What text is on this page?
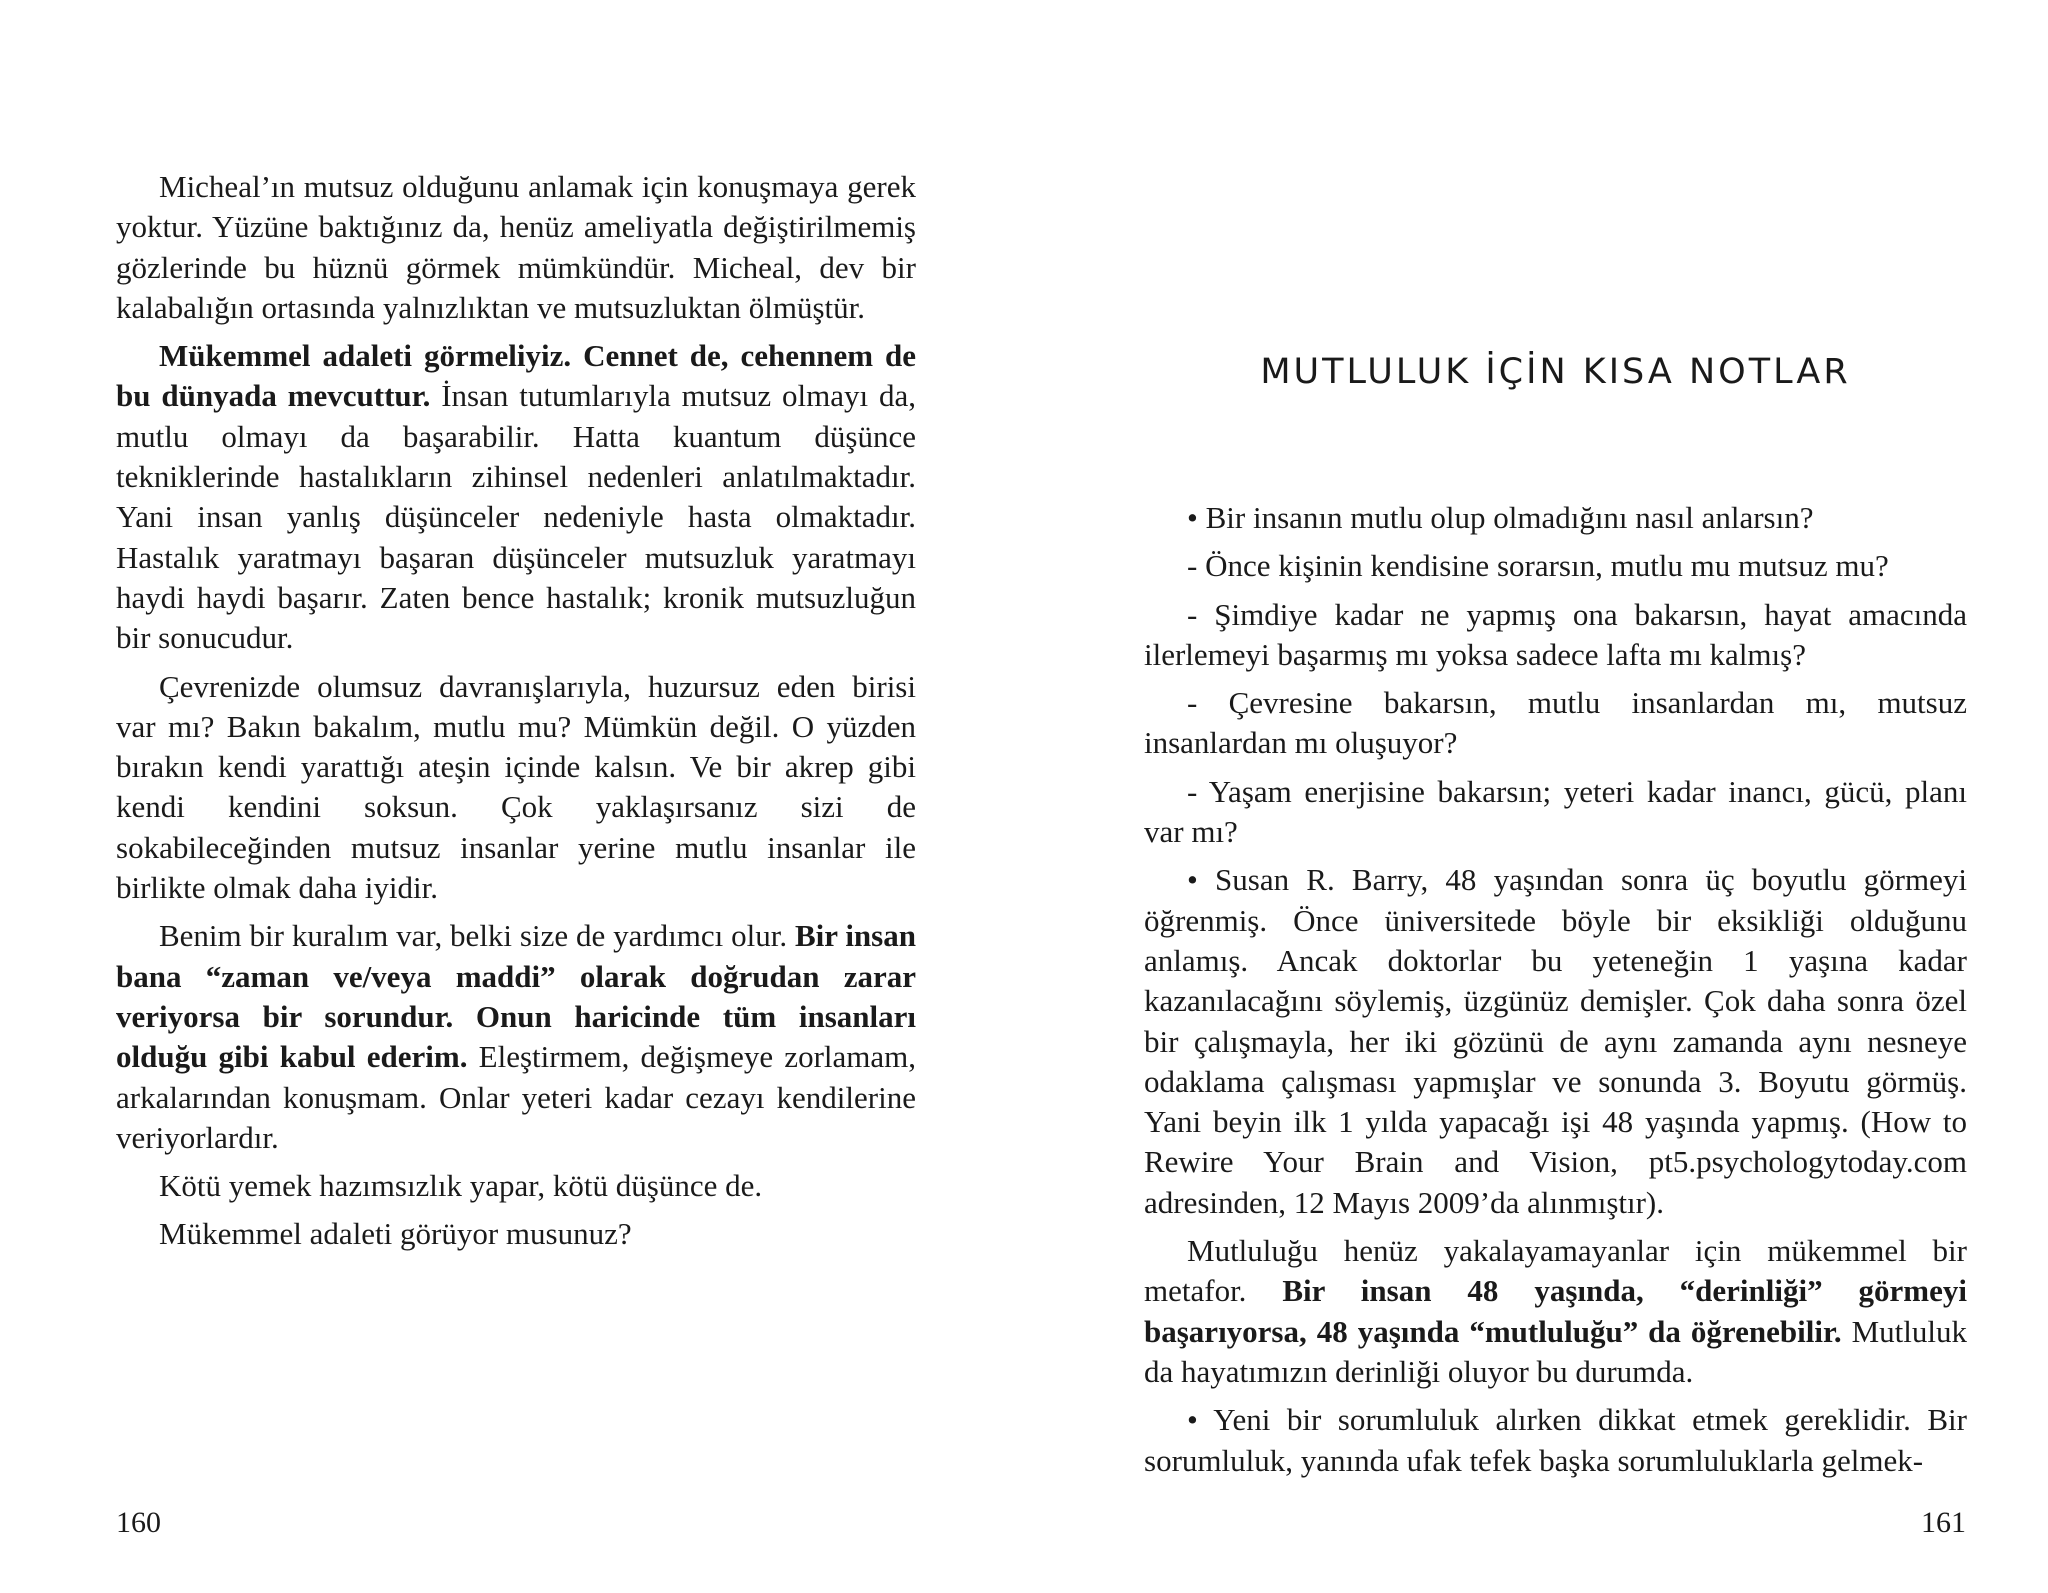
Micheal’ın mutsuz olduğunu anlamak için konuşmaya gerek yoktur. Yüzüne baktığınız da, henüz ameliyatla değiştirilmemiş gözlerinde bu hüznü görmek mümkündür. Micheal, dev bir kalabalığın ortasında yalnızlıktan ve mutsuzluktan ölmüştür.

Mükemmel adaleti görmeliyiz. Cennet de, cehennem de bu dünyada mevcuttur. İnsan tutumlarıyla mutsuz olmayı da, mutlu olmayı da başarabilir. Hatta kuantum düşünce tekniklerinde hastalıkların zihinsel nedenleri anlatılmaktadır. Yani insan yanlış düşünceler nedeniyle hasta olmaktadır. Hastalık yaratmayı başaran düşünceler mutsuzluk yaratmayı haydi haydi başarır. Zaten bence hastalık; kronik mutsuzluğun bir sonucudur.

Çevrenizde olumsuz davranışlarıyla, huzursuz eden birisi var mı? Bakın bakalım, mutlu mu? Mümkün değil. O yüzden bırakın kendi yarattığı ateşin içinde kalsın. Ve bir akrep gibi kendi kendini soksun. Çok yaklaşırsanız sizi de sokabileceğinden mutsuz insanlar yerine mutlu insanlar ile birlikte olmak daha iyidir.

Benim bir kuralım var, belki size de yardımcı olur. Bir insan bana “zaman ve/veya maddi” olarak doğrudan zarar veriyorsa bir sorundur. Onun haricinde tüm insanları olduğu gibi kabul ederim. Eleştirmem, değişmeye zorlamam, arkalarından konuşmam. Onlar yeteri kadar cezayı kendilerine veriyorlardır.

Kötü yemek hazımsızlık yapar, kötü düşünce de.

Mükemmel adaleti görüyor musunuz?

160
MUTLULUK İÇİN KISA NOTLAR

• Bir insanın mutlu olup olmadığını nasıl anlarsın?

- Önce kişinin kendisine sorarsın, mutlu mu mutsuz mu?

- Şimdiye kadar ne yapmış ona bakarsın, hayat amacında ilerlemeyi başarmış mı yoksa sadece lafta mı kalmış?

- Çevresine bakarsın, mutlu insanlardan mı, mutsuz insanlardan mı oluşuyor?

- Yaşam enerjisine bakarsın; yeteri kadar inancı, gücü, planı var mı?

• Susan R. Barry, 48 yaşından sonra üç boyutlu görmeyi öğrenmiş. Önce üniversitede böyle bir eksikliği olduğunu anlamış. Ancak doktorlar bu yeteneğin 1 yaşına kadar kazanılacağını söylemiş, üzgünüz demişler. Çok daha sonra özel bir çalışmayla, her iki gözünü de aynı zamanda aynı nesneye odaklama çalışması yapmışlar ve sonunda 3. Boyutu görmüş. Yani beyin ilk 1 yılda yapacağı işi 48 yaşında yapmış. (How to Rewire Your Brain and Vision, pt5.psychologytoday.com adresinden, 12 Mayıs 2009’da alınmıştır).

Mutluluğu henüz yakalayamayanlar için mükemmel bir metafor. Bir insan 48 yaşında, “derinliği” görmeyi başarıyorsa, 48 yaşında “mutluluğu” da öğrenebilir. Mutluluk da hayatımızın derinliği oluyor bu durumda.

• Yeni bir sorumluluk alırken dikkat etmek gereklidir. Bir sorumluluk, yanında ufak tefek başka sorumluluklarla gelmek-

161
